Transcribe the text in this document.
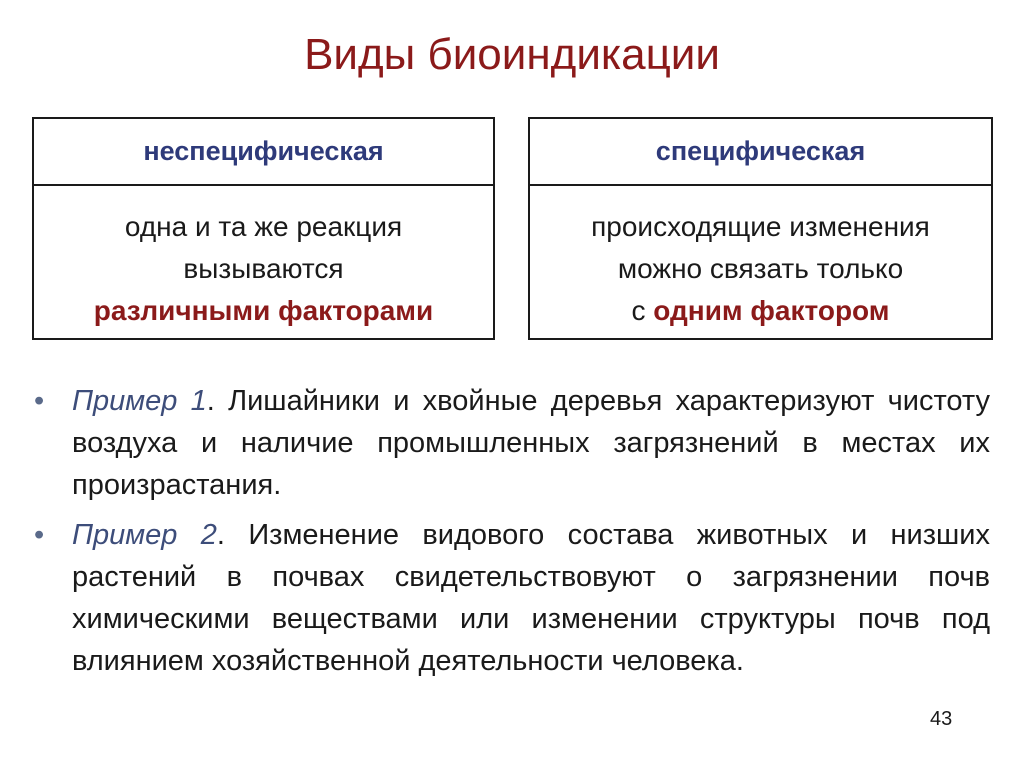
Виды биоиндикации
неспецифическая
одна и та же реакция
вызываются
различными факторами
специфическая
происходящие изменения
можно связать только
с одним фактором
• Пример 1. Лишайники и хвойные деревья характеризуют чистоту воздуха и наличие промышленных загрязнений в местах их произрастания.
• Пример 2. Изменение видового состава животных и низших растений в почвах свидетельствовуют о загрязнении почв химическими веществами или изменении структуры почв под влиянием хозяйственной деятельности человека.
43
